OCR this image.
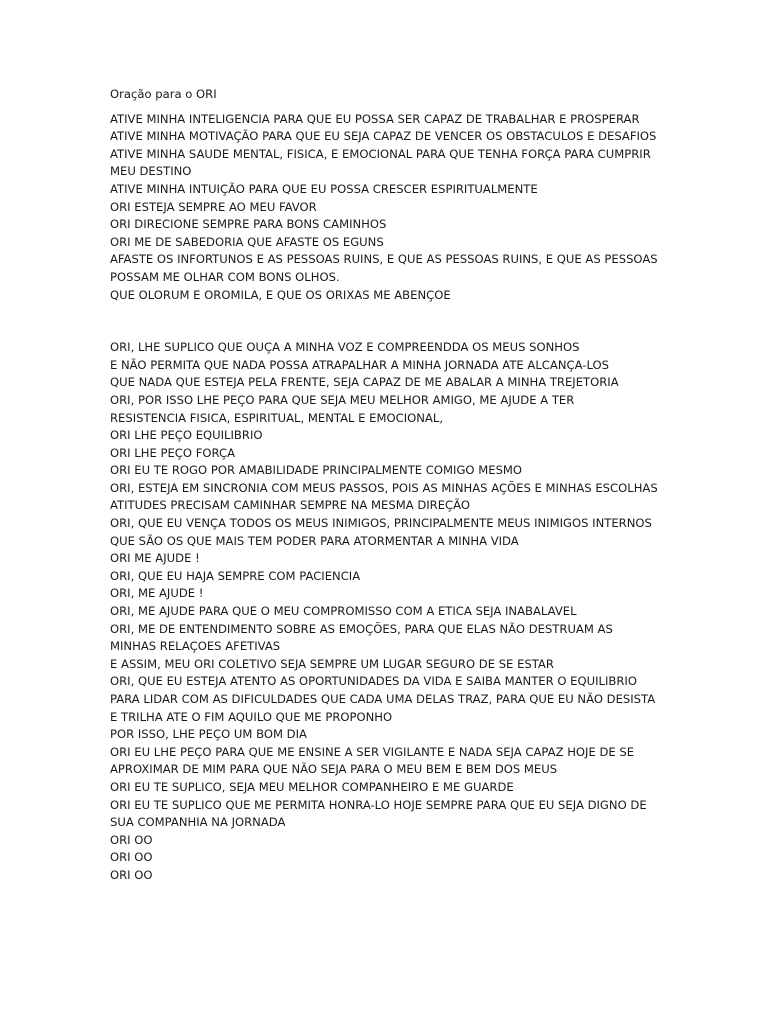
Oração para o ORI
ATIVE MINHA INTELIGENCIA PARA QUE EU POSSA SER CAPAZ DE TRABALHAR E PROSPERAR
ATIVE MINHA MOTIVAÇÃO PARA QUE EU SEJA CAPAZ DE VENCER OS OBSTACULOS E DESAFIOS
ATIVE MINHA SAUDE MENTAL, FISICA, E EMOCIONAL PARA QUE TENHA FORÇA PARA CUMPRIR
MEU DESTINO
ATIVE MINHA INTUIÇÃO PARA QUE EU POSSA CRESCER ESPIRITUALMENTE
ORI ESTEJA SEMPRE AO MEU FAVOR
ORI DIRECIONE SEMPRE PARA BONS CAMINHOS
ORI ME DE SABEDORIA QUE AFASTE OS EGUNS
AFASTE OS INFORTUNOS E AS PESSOAS RUINS, E QUE AS PESSOAS RUINS, E QUE AS PESSOAS
POSSAM ME OLHAR COM BONS OLHOS.
QUE OLORUM E OROMILA, E QUE OS ORIXAS ME ABENÇOE
ORI, LHE SUPLICO QUE OUÇA A MINHA VOZ E COMPREENDDA OS MEUS SONHOS
E NÃO PERMITA QUE NADA POSSA ATRAPALHAR A MINHA JORNADA ATE ALCANÇA-LOS
QUE NADA QUE ESTEJA PELA FRENTE, SEJA CAPAZ DE ME ABALAR A MINHA TREJETORIA
ORI, POR ISSO LHE PEÇO PARA QUE SEJA MEU MELHOR AMIGO, ME AJUDE A TER
RESISTENCIA FISICA, ESPIRITUAL, MENTAL E EMOCIONAL,
ORI LHE PEÇO EQUILIBRIO
ORI LHE PEÇO FORÇA
ORI EU TE ROGO POR AMABILIDADE PRINCIPALMENTE COMIGO MESMO
ORI, ESTEJA EM SINCRONIA COM MEUS PASSOS, POIS AS MINHAS AÇÕES E MINHAS ESCOLHAS
ATITUDES PRECISAM CAMINHAR SEMPRE NA MESMA DIREÇÃO
ORI, QUE EU VENÇA TODOS OS MEUS INIMIGOS, PRINCIPALMENTE MEUS INIMIGOS INTERNOS
QUE SÃO OS QUE MAIS TEM PODER PARA ATORMENTAR A MINHA VIDA
ORI ME AJUDE !
ORI, QUE EU HAJA SEMPRE COM PACIENCIA
ORI, ME AJUDE !
ORI, ME AJUDE PARA QUE O MEU COMPROMISSO COM A ETICA SEJA INABALAVEL
ORI, ME DE ENTENDIMENTO SOBRE AS EMOÇÕES, PARA QUE ELAS NÃO DESTRUAM AS
MINHAS RELAÇOES AFETIVAS
E ASSIM, MEU ORI COLETIVO SEJA SEMPRE UM LUGAR SEGURO DE SE ESTAR
ORI, QUE EU ESTEJA ATENTO AS OPORTUNIDADES DA VIDA E SAIBA MANTER O EQUILIBRIO
PARA LIDAR COM AS DIFICULDADES QUE CADA UMA DELAS TRAZ, PARA QUE EU NÃO DESISTA
E TRILHA ATE O FIM AQUILO QUE ME PROPONHO
POR ISSO, LHE PEÇO UM BOM DIA
ORI EU LHE PEÇO PARA QUE ME ENSINE A SER VIGILANTE E NADA SEJA CAPAZ HOJE DE SE
APROXIMAR DE MIM PARA QUE NÃO SEJA PARA O MEU BEM E BEM DOS MEUS
ORI EU TE SUPLICO, SEJA MEU MELHOR COMPANHEIRO E ME GUARDE
ORI EU TE SUPLICO QUE ME PERMITA HONRA-LO HOJE SEMPRE PARA QUE EU SEJA DIGNO DE
SUA COMPANHIA NA JORNADA
ORI OO
ORI OO
ORI OO
